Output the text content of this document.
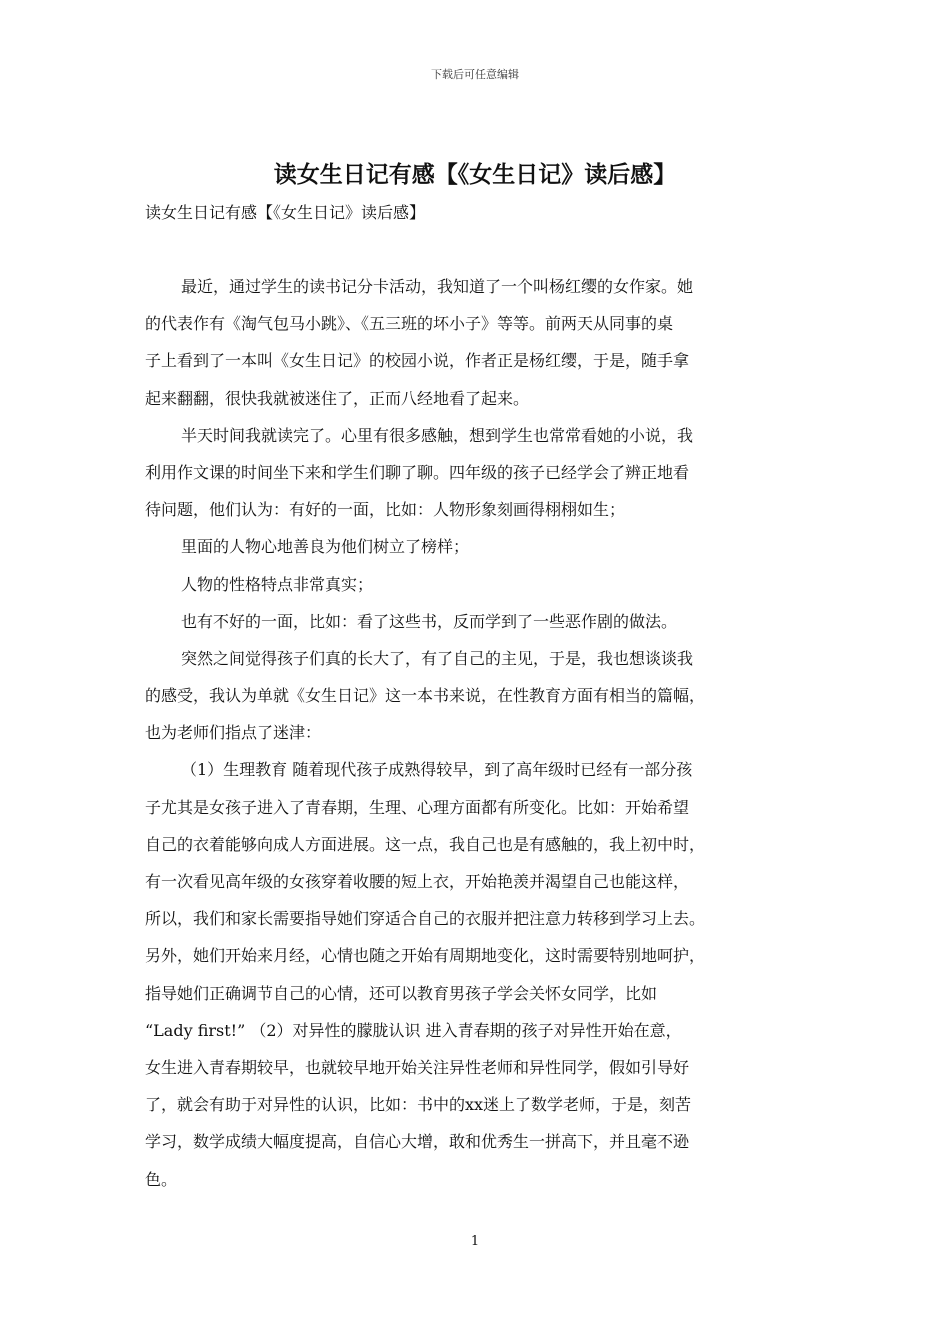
下载后可任意编辑
读女生日记有感【《女生日记》读后感】
读女生日记有感【《女生日记》读后感】
最近，通过学生的读书记分卡活动，我知道了一个叫杨红缨的女作家。她
的代表作有《淘气包马小跳》、《五三班的坏小子》等等。前两天从同事的桌
子上看到了一本叫《女生日记》的校园小说，作者正是杨红缨，于是，随手拿
起来翻翻，很快我就被迷住了，正而八经地看了起来。
半天时间我就读完了。心里有很多感触，想到学生也常常看她的小说，我
利用作文课的时间坐下来和学生们聊了聊。四年级的孩子已经学会了辨正地看
待问题，他们认为：有好的一面，比如：人物形象刻画得栩栩如生；
里面的人物心地善良为他们树立了榜样；
人物的性格特点非常真实；
也有不好的一面，比如：看了这些书，反而学到了一些恶作剧的做法。
突然之间觉得孩子们真的长大了，有了自己的主见，于是，我也想谈谈我
的感受，我认为单就《女生日记》这一本书来说，在性教育方面有相当的篇幅，
也为老师们指点了迷津：
（1）生理教育 随着现代孩子成熟得较早，到了高年级时已经有一部分孩
子尤其是女孩子进入了青春期，生理、心理方面都有所变化。比如：开始希望
自己的衣着能够向成人方面进展。这一点，我自己也是有感触的，我上初中时，
有一次看见高年级的女孩穿着收腰的短上衣，开始艳羡并渴望自己也能这样，
所以，我们和家长需要指导她们穿适合自己的衣服并把注意力转移到学习上去。
另外，她们开始来月经，心情也随之开始有周期地变化，这时需要特别地呵护，
指导她们正确调节自己的心情，还可以教育男孩子学会关怀女同学，比如
“Lady first!” （2）对异性的朦胧认识 进入青春期的孩子对异性开始在意，
女生进入青春期较早，也就较早地开始关注异性老师和异性同学，假如引导好
了，就会有助于对异性的认识，比如：书中的xx迷上了数学老师，于是，刻苦
学习，数学成绩大幅度提高，自信心大增，敢和优秀生一拼高下，并且毫不逊
色。
1
